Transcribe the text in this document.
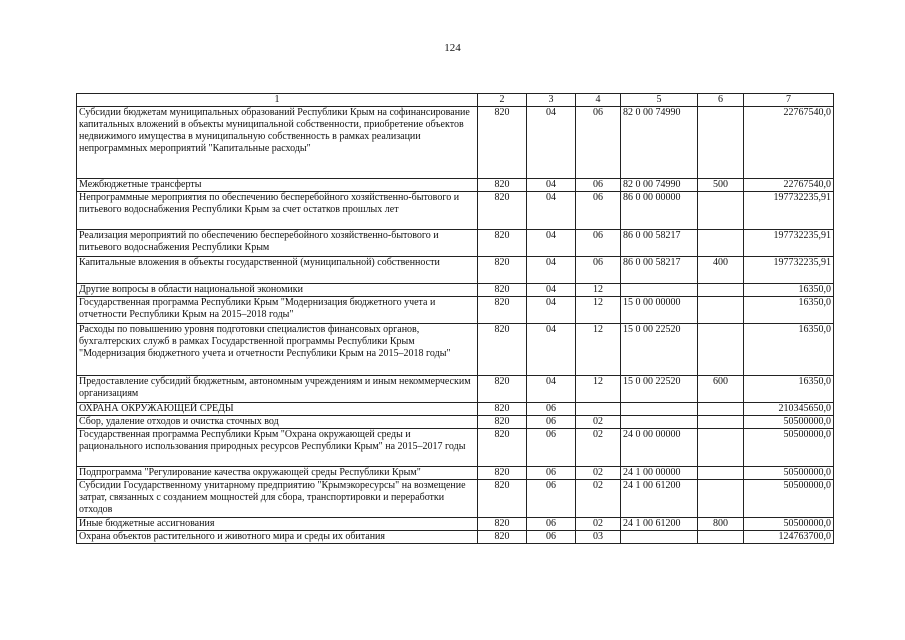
124
1	2	3	4	5	6	7
Субсидии бюджетам муниципальных образований Республики Крым на софинансирование капитальных вложений в объекты муниципальной собственности, приобретение объектов недвижимого имущества в муниципальную собственность в рамках реализации непрограммных мероприятий "Капитальные расходы"	820	04	06	82 0 00 74990		22767540,0
Межбюджетные трансферты	820	04	06	82 0 00 74990	500	22767540,0
Непрограммные мероприятия по обеспечению бесперебойного хозяйственно-бытового и питьевого водоснабжения Республики Крым за счет остатков прошлых лет	820	04	06	86 0 00 00000		197732235,91
Реализация мероприятий по обеспечению бесперебойного хозяйственно-бытового и питьевого водоснабжения Республики Крым	820	04	06	86 0 00 58217		197732235,91
Капитальные вложения в объекты государственной (муниципальной) собственности	820	04	06	86 0 00 58217	400	197732235,91
Другие вопросы в области национальной экономики	820	04	12			16350,0
Государственная программа Республики Крым "Модернизация бюджетного учета и отчетности Республики Крым на 2015–2018 годы"	820	04	12	15 0 00 00000		16350,0
Расходы по повышению уровня подготовки специалистов финансовых органов, бухгалтерских служб в рамках Государственной программы Республики Крым "Модернизация бюджетного учета и отчетности Республики Крым на 2015–2018 годы"	820	04	12	15 0 00 22520		16350,0
Предоставление субсидий бюджетным, автономным учреждениям и иным некоммерческим организациям	820	04	12	15 0 00 22520	600	16350,0
ОХРАНА ОКРУЖАЮЩЕЙ СРЕДЫ	820	06				210345650,0
Сбор, удаление отходов и очистка сточных вод	820	06	02			50500000,0
Государственная программа Республики Крым "Охрана окружающей среды и рационального использования природных ресурсов Республики Крым" на 2015–2017 годы	820	06	02	24 0 00 00000		50500000,0
Подпрограмма "Регулирование качества окружающей среды Республики Крым"	820	06	02	24 1 00 00000		50500000,0
Субсидии Государственному унитарному предприятию "Крымэкоресурсы" на возмещение затрат, связанных с созданием мощностей для сбора, транспортировки и переработки отходов	820	06	02	24 1 00 61200		50500000,0
Иные бюджетные ассигнования	820	06	02	24 1 00 61200	800	50500000,0
Охрана объектов растительного и животного мира и среды их обитания	820	06	03			124763700,0
